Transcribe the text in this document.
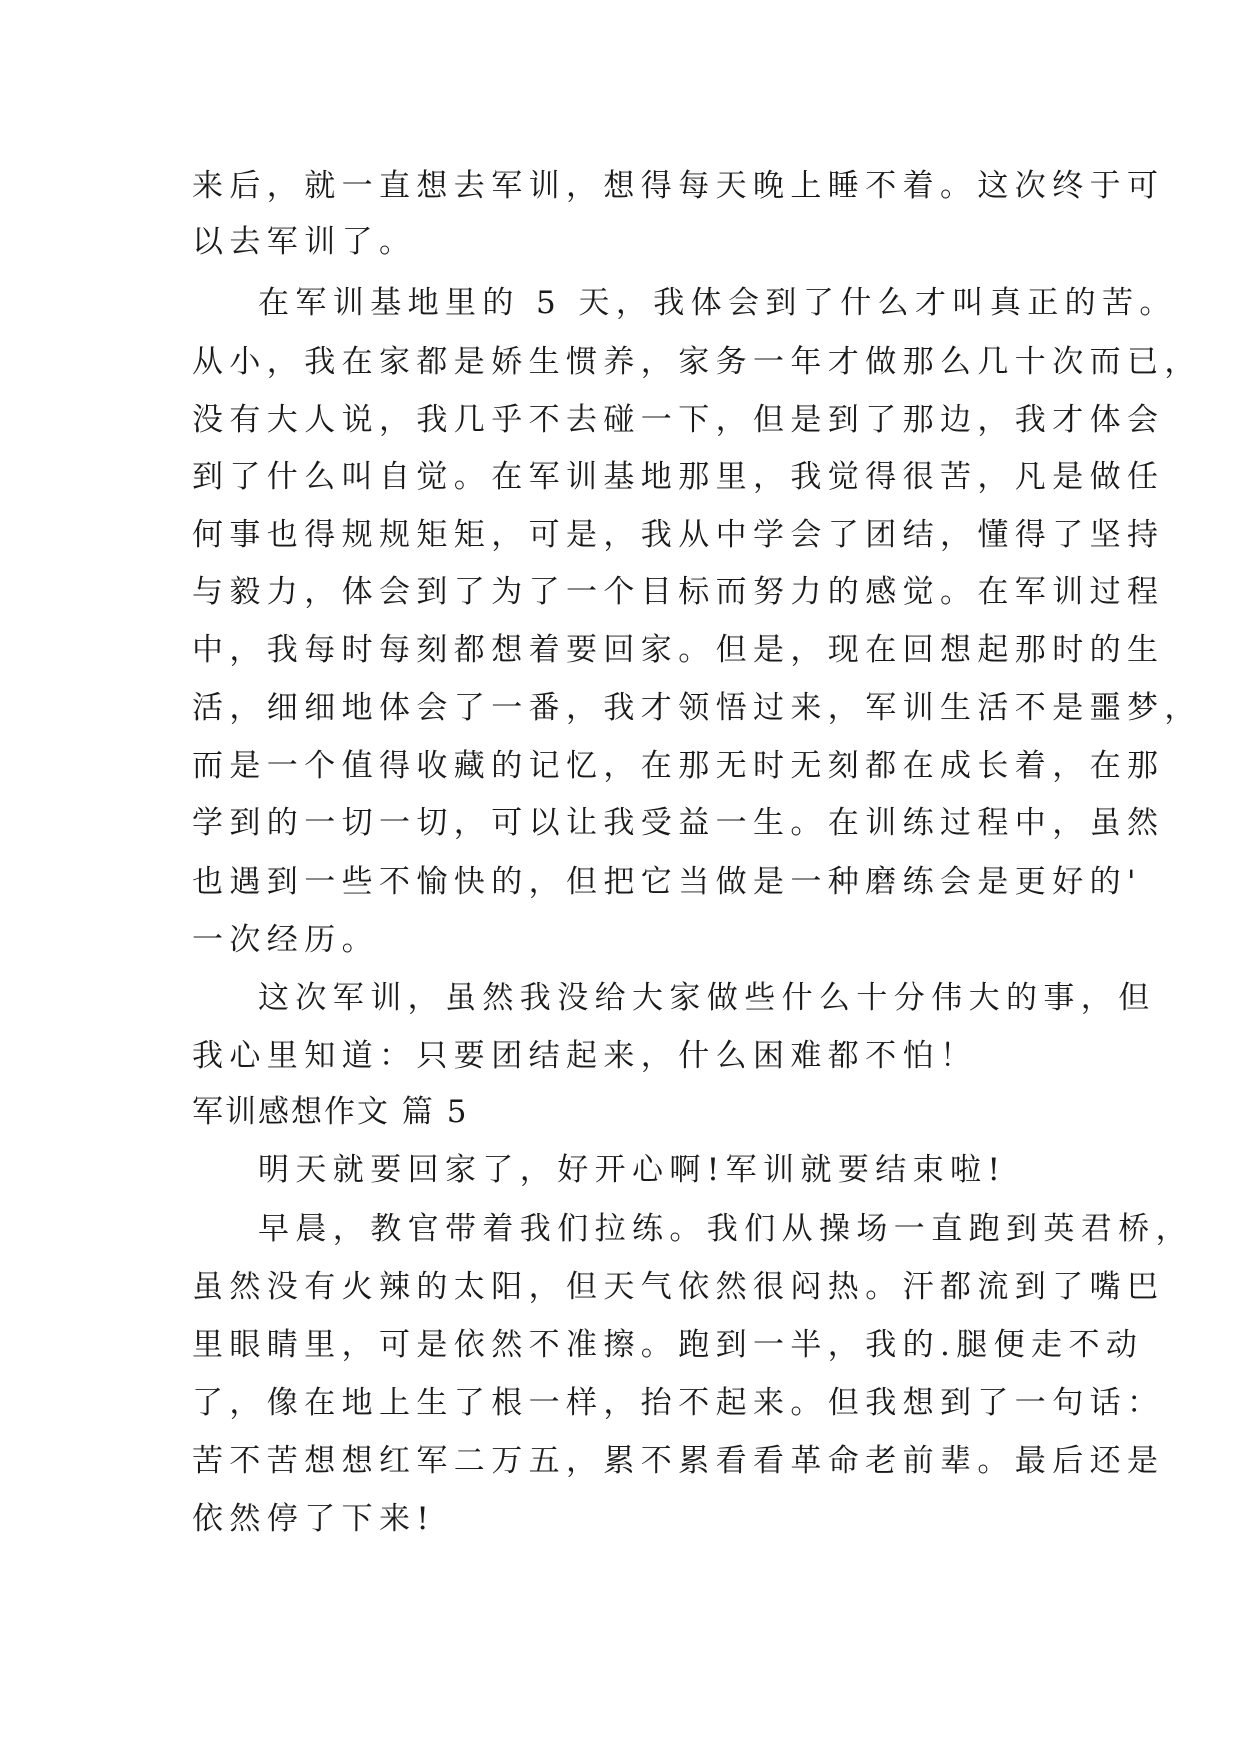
来后，就一直想去军训，想得每天晚上睡不着。这次终于可
以去军训了。
在军训基地里的 5 天，我体会到了什么才叫真正的苦。
从小，我在家都是娇生惯养，家务一年才做那么几十次而已，
没有大人说，我几乎不去碰一下，但是到了那边，我才体会
到了什么叫自觉。在军训基地那里，我觉得很苦，凡是做任
何事也得规规矩矩，可是，我从中学会了团结，懂得了坚持
与毅力，体会到了为了一个目标而努力的感觉。在军训过程
中，我每时每刻都想着要回家。但是，现在回想起那时的生
活，细细地体会了一番，我才领悟过来，军训生活不是噩梦，
而是一个值得收藏的记忆，在那无时无刻都在成长着，在那
学到的一切一切，可以让我受益一生。在训练过程中，虽然
也遇到一些不愉快的，但把它当做是一种磨练会是更好的'
一次经历。
这次军训，虽然我没给大家做些什么十分伟大的事，但
我心里知道：只要团结起来，什么困难都不怕！
军训感想作文 篇 5
明天就要回家了，好开心啊!军训就要结束啦!
早晨，教官带着我们拉练。我们从操场一直跑到英君桥，
虽然没有火辣的太阳，但天气依然很闷热。汗都流到了嘴巴
里眼睛里，可是依然不准擦。跑到一半，我的.腿便走不动
了，像在地上生了根一样，抬不起来。但我想到了一句话：
苦不苦想想红军二万五，累不累看看革命老前辈。最后还是
依然停了下来!
